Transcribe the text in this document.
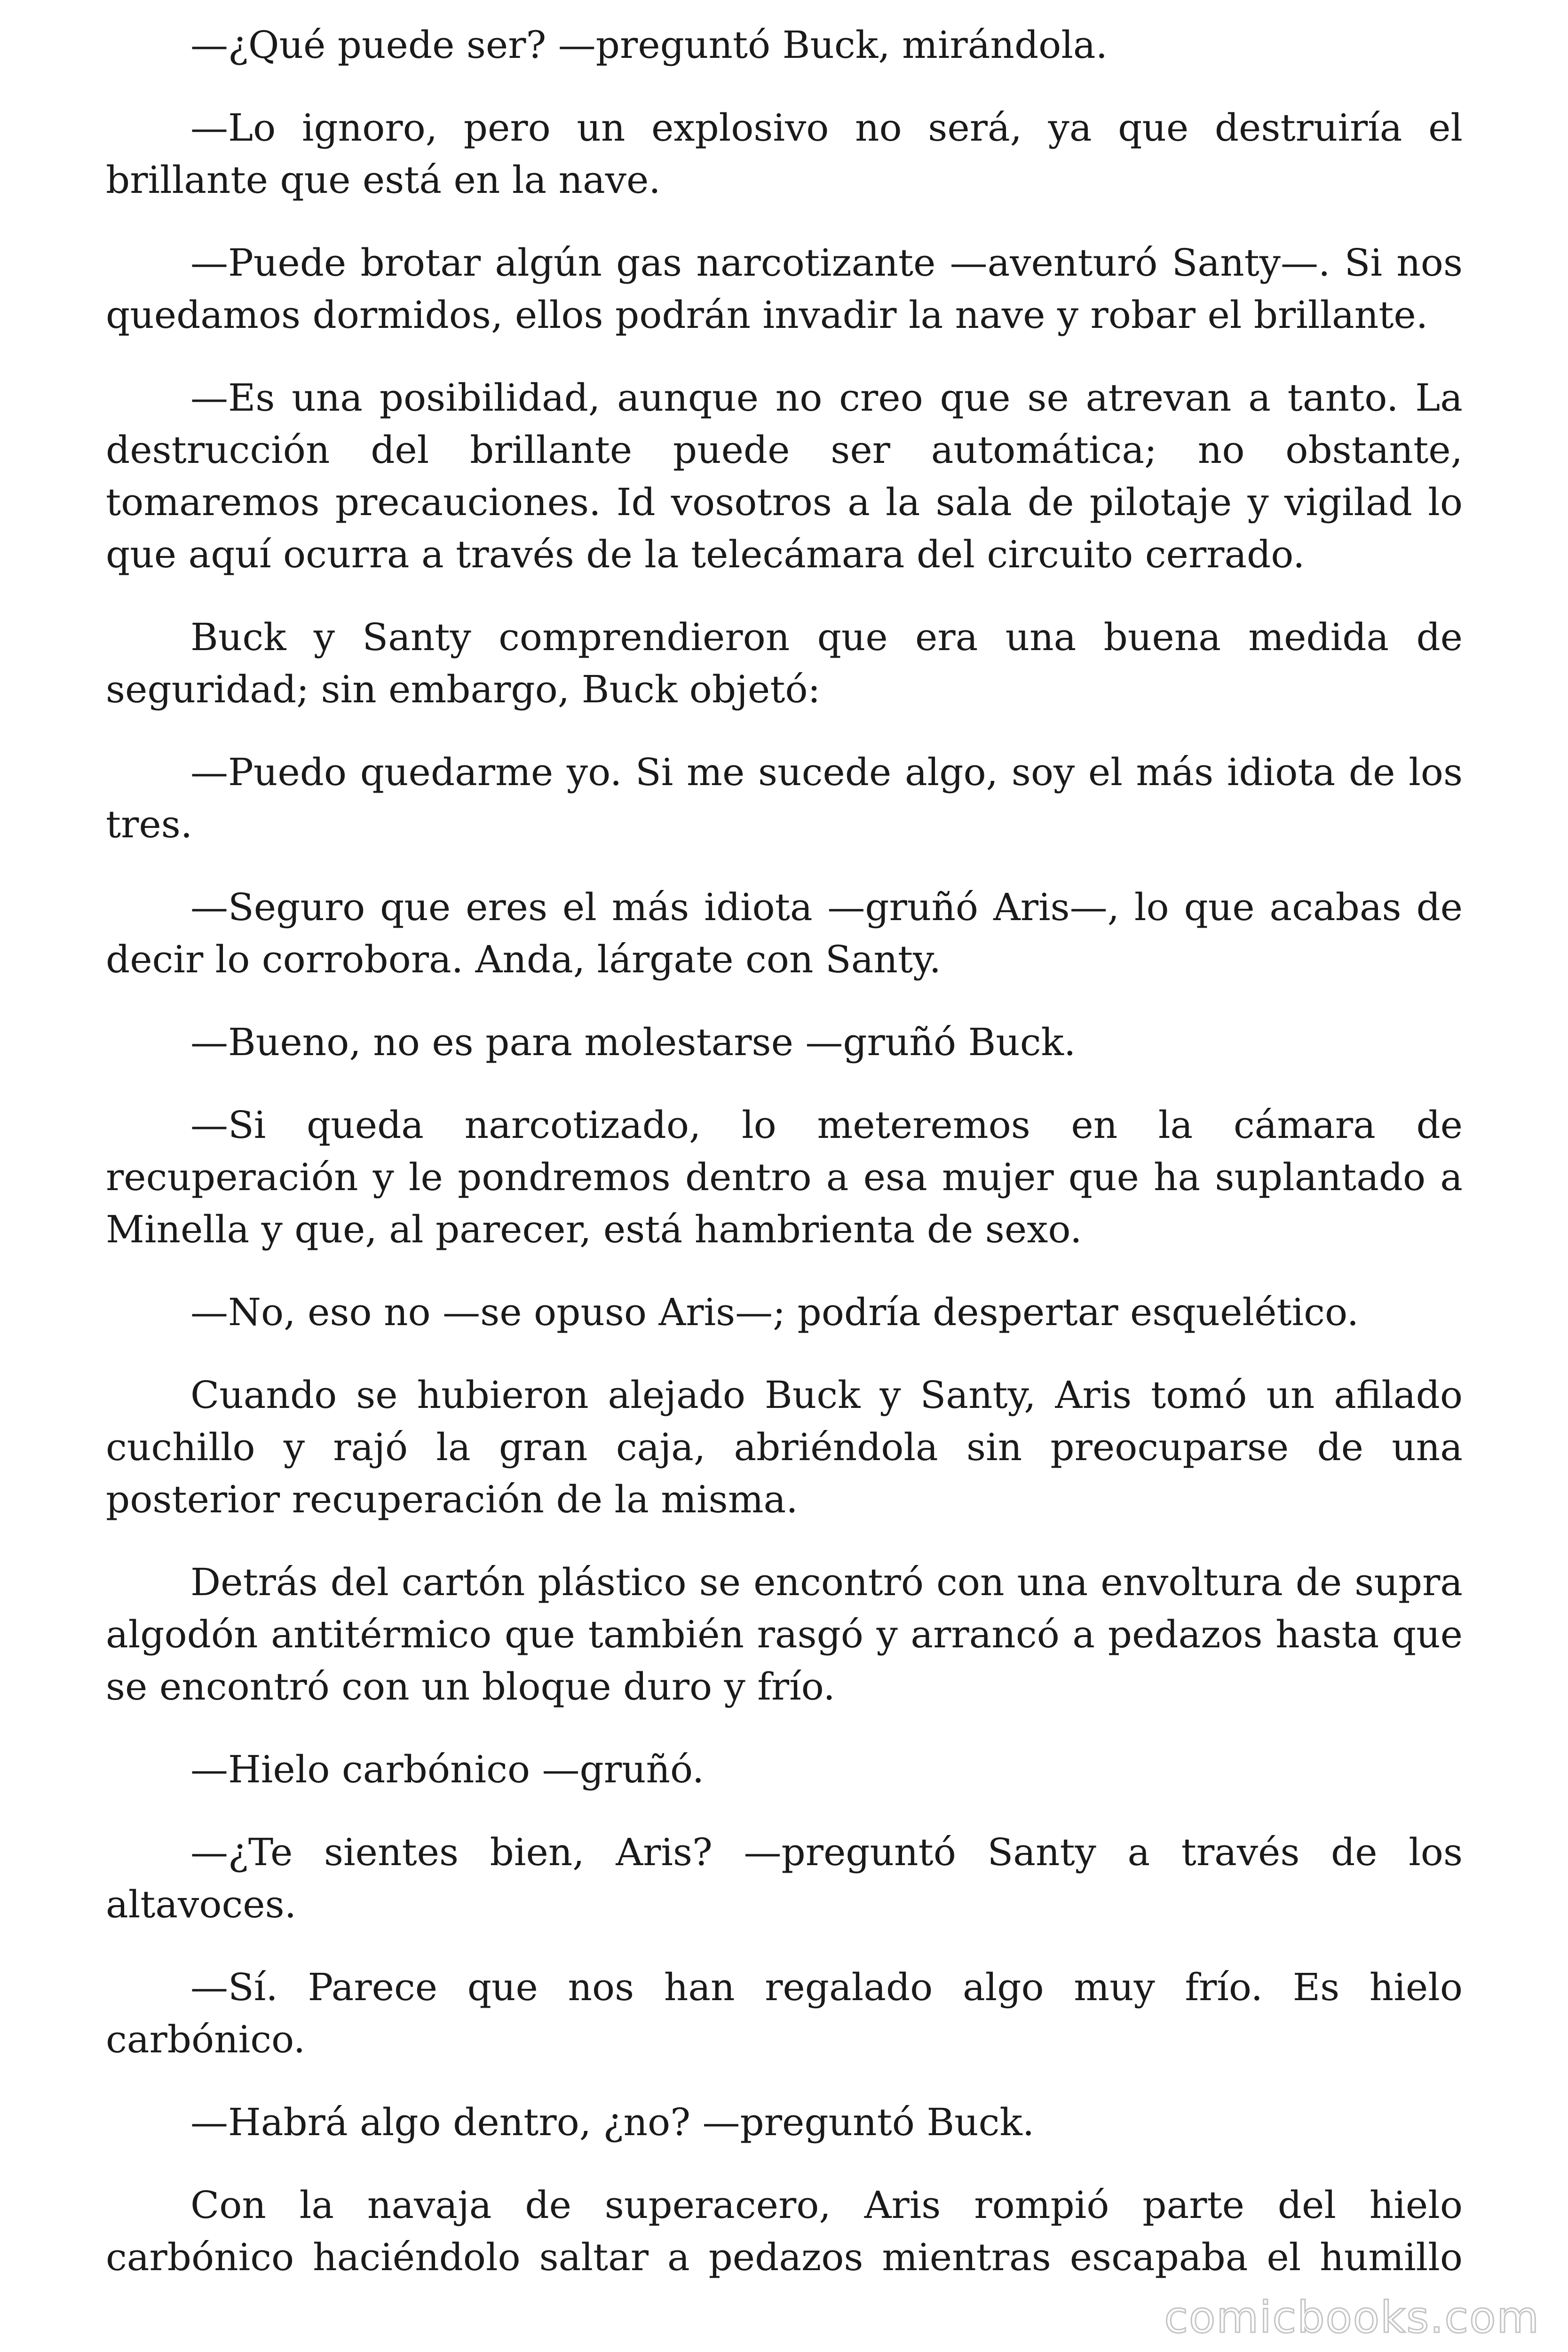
—¿Qué puede ser? —preguntó Buck, mirándola.

—Lo ignoro, pero un explosivo no será, ya que destruiría el brillante que está en la nave.

—Puede brotar algún gas narcotizante —aventuró Santy—. Si nos quedamos dormidos, ellos podrán invadir la nave y robar el brillante.

—Es una posibilidad, aunque no creo que se atrevan a tanto. La destrucción del brillante puede ser automática; no obstante, tomaremos precauciones. Id vosotros a la sala de pilotaje y vigilad lo que aquí ocurra a través de la telecámara del circuito cerrado.

Buck y Santy comprendieron que era una buena medida de seguridad; sin embargo, Buck objetó:

—Puedo quedarme yo. Si me sucede algo, soy el más idiota de los tres.

—Seguro que eres el más idiota —gruñó Aris—, lo que acabas de decir lo corrobora. Anda, lárgate con Santy.

—Bueno, no es para molestarse —gruñó Buck.

—Si queda narcotizado, lo meteremos en la cámara de recuperación y le pondremos dentro a esa mujer que ha suplantado a Minella y que, al parecer, está hambrienta de sexo.

—No, eso no —se opuso Aris—; podría despertar esquelético.

Cuando se hubieron alejado Buck y Santy, Aris tomó un afilado cuchillo y rajó la gran caja, abriéndola sin preocuparse de una posterior recuperación de la misma.

Detrás del cartón plástico se encontró con una envoltura de supra algodón antitérmico que también rasgó y arrancó a pedazos hasta que se encontró con un bloque duro y frío.

—Hielo carbónico —gruñó.

—¿Te sientes bien, Aris? —preguntó Santy a través de los altavoces.

—Sí. Parece que nos han regalado algo muy frío. Es hielo carbónico.

—Habrá algo dentro, ¿no? —preguntó Buck.

Con la navaja de superacero, Aris rompió parte del hielo carbónico haciéndolo saltar a pedazos mientras escapaba el humillo

comicbooks.com
